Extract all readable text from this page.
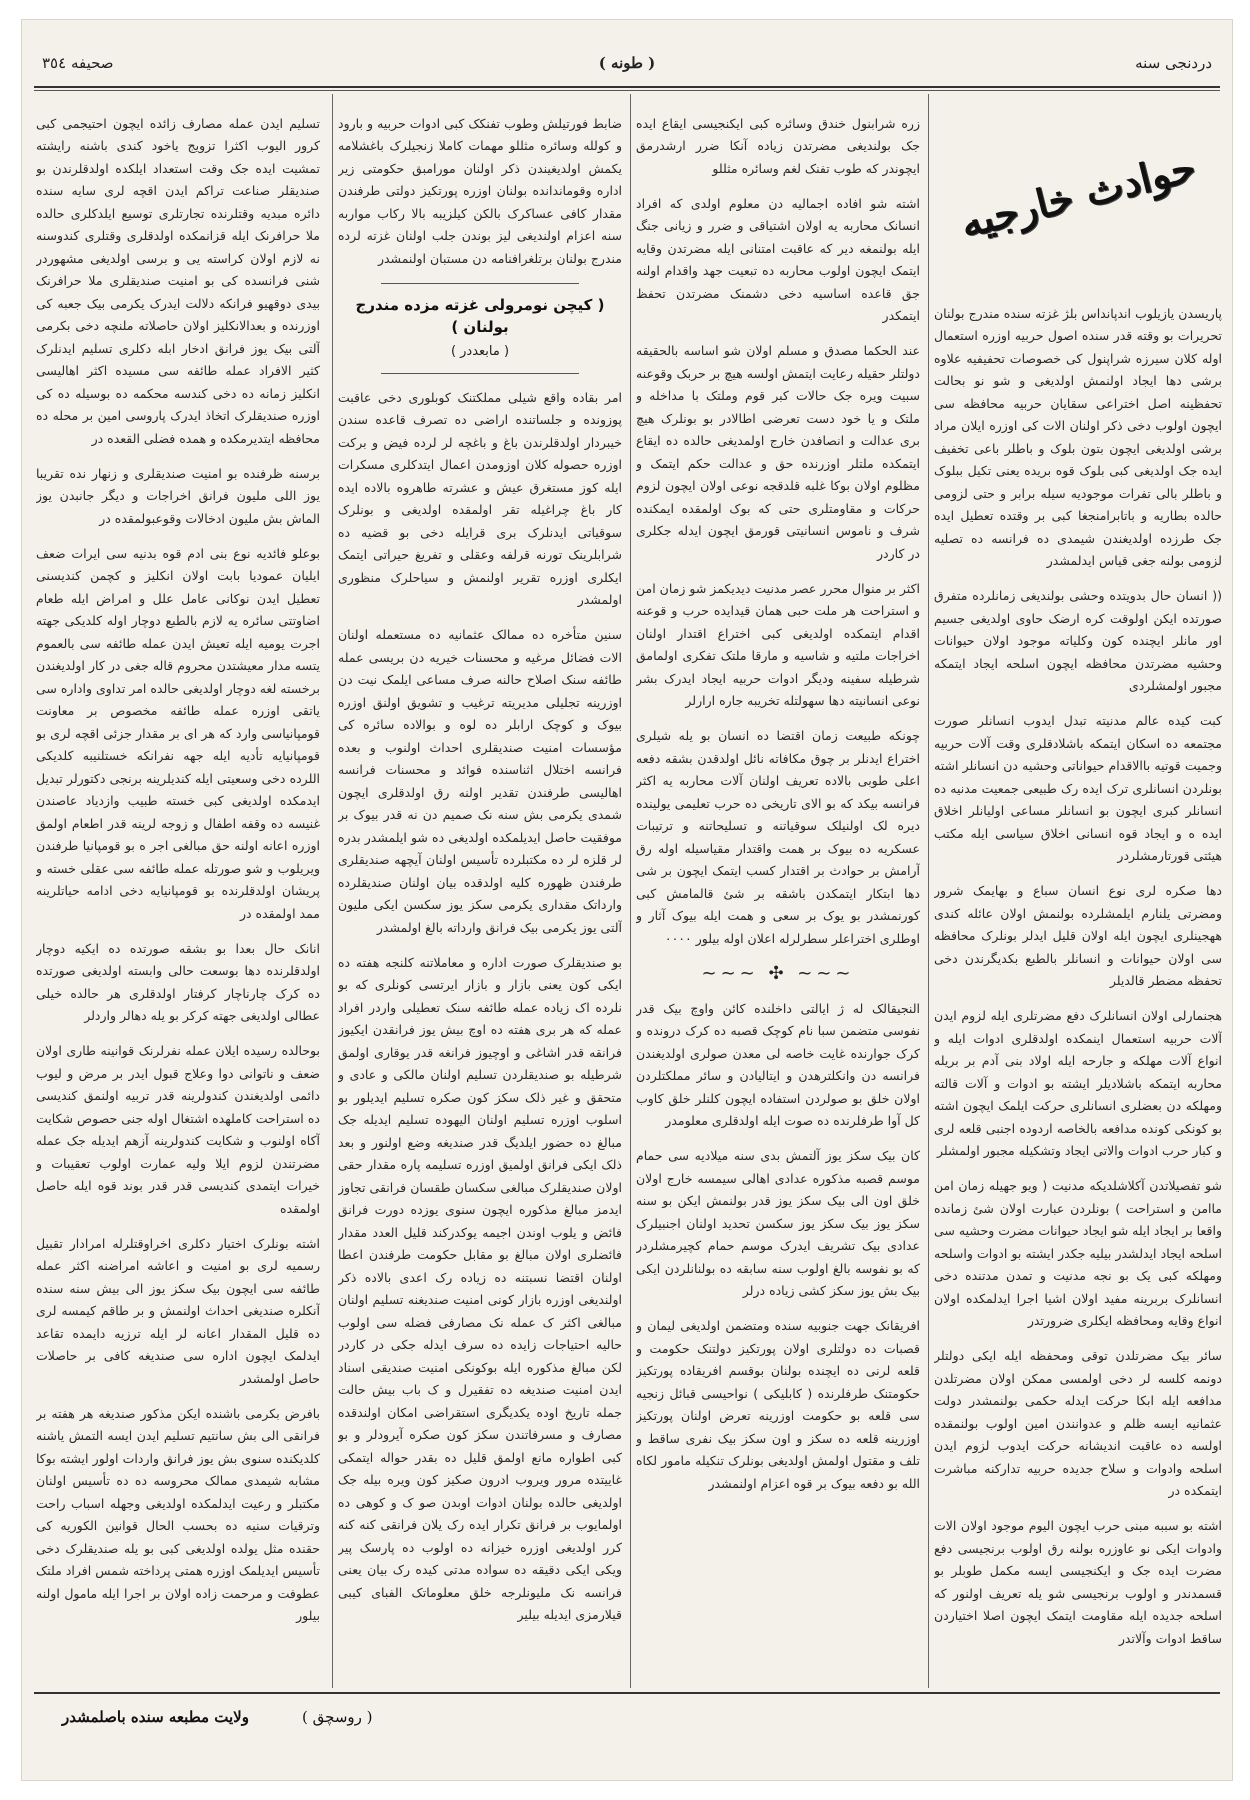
دردنجی سنه
( طونه )
صحیفه ۳٥٤
حوادث خارجیه

پاریسدن یازیلوب اندپانداس بلژ غزته سنده مندرج بولنان تحریرات بو وقته قدر سنده اصول حربیه اوزره استعمال اوله کلان سیرزه شراپنول کی خصوصات تحفیفیه علاوه برشی دها ایجاد اولنمش اولدیغی و شو نو بحالت تحفظینه اصل اختراعی سقایان حربیه محافظه سی ایچون اولوب دخی ذکر اولنان الات کی اوزره ایلان مراد برشی اولدیغی ایچون بتون بلوک و باطلر باعی تخفیف ایده جک اولدیغی کبی بلوک قوه بریده یعنی تکیل ببلوک و باطلر بالی تفرات موجودیه سیله برابر و حتی لزومی حالده بطاریه و باتابرامنجغا کبی بر وقتده تعطیل ایده جک طرزده اولدیغندن شیمدی ده فرانسه ده تصلیه لزومی بولنه جغی قیاس ایدلمشدر

(( انسان حال بدویتده وحشی بولندیغی زمانلرده متفرق صورتده ایکن اولوقت کره ارضک حاوی اولدیغی جسیم اور مانلر ایچنده کون وکلیاته موجود اولان حیوانات وحشیه مضرتدن محافظه ایچون اسلحه ایجاد ایتمکه مجبور اولمشلردی

کبت کیده عالم مدنیته تبدل ایدوب انسانلر صورت مجتمعه ده اسکان ایتمکه باشلادقلری وقت آلات حربیه وجمیت قوتیه باالاقدام حیواناتی وحشیه دن انسانلر اشته بونلردن انسانلری ترک ایده رک طبیعی جمعیت مدنیه ده انسانلر کبری ایچون بو انسانلر مساعی اولیانلر اخلاق ایده ه و ایجاد قوه انسانی اخلاق سیاسی ایله مکتب هیئتی قورتارمشلردر

دها صکره لری نوع انسان سباع و بهایمک شرور ومضرتی یلنارم ایلمشلرده بولنمش اولان عائله کندی ههجینلری ایچون ایله اولان قلیل ایدلر بونلرک محافظه سی اولان حیوانات و انسانلر بالطبع بکدیگرندن دخی تحفظه مضطر قالدیلر

هجنمارلی اولان انسانلرک دفع مضرتلری ایله لزوم ایدن آلات حربیه استعمال اینمکده اولدقلری ادوات ایله و انواع آلات مهلکه و جارحه ایله اولاد بنی آدم بر بریله محاربه ایتمکه باشلادیلر ایشته بو ادوات و آلات قالته ومهلکه دن بعضلری انسانلری حرکت ایلمک ایچون اشته بو کونکی کونده مدافعه بالخاصه اردوده اجنبی قلعه لری و کبار حرب ادوات والاتی ایجاد وتشکیله مجبور اولمشلر

شو تفصیلاتدن آکلاشلدیکه مدنیت ( ویو جهیله زمان امن ماامن و استراحت ) بونلردن عبارت اولان شئ زمانده واقعا بر ایجاد ایله شو ایجاد حیوانات مضرت وحشیه سی اسلحه ایجاد ایدلشدر بیلیه جکدر ایشته بو ادوات واسلحه ومهلکه کبی یک بو نجه مدنیت و تمدن مدتنده دخی انسانلرک بربرینه مفید اولان اشیا اجرا ایدلمکده اولان انواع وقایه ومحافظه ایکلری ضرورتدر

سائر بیک مضرتلدن توقی ومحفظه ایله ایکی دولتلر دونمه کلسه لر دخی اولمسی ممکن اولان مضرتلدن مدافعه ایله ابکا حرکت ایدله حکمی بولنمشدر دولت عثمانیه ایسه ظلم و عدوانندن امین اولوب بولنمقده اولسه ده عاقبت اندیشانه حرکت ایدوب لزوم ایدن اسلحه وادوات و سلاح جدیده حربیه تدارکنه مباشرت ایتمکده در

اشته بو سببه مبنی حرب ایچون الیوم موجود اولان الات وادوات ایکی نو عاوزره بولنه رق اولوب برنجیسی دفع مضرت ایده جک و ایکنجیسی ایسه مکمل طوبلر بو قسمدندر و اولوب برنجیسی شو یله تعریف اولنور که اسلحه جدیده ایله مقاومت ایتمک ایچون اصلا اختیاردن ساقط ادوات وآلاتدر

زره شرابنول خندق وسائره کبی ایکنجیسی ایقاع ایده جک بولندیغی مضرتدن زیاده آنکا ضرر ارشدرمق ایچوندر که طوب تفنک لغم وسائره مثللو

اشته شو افاده اجمالیه دن معلوم اولدی که افراد انسانک محاربه یه اولان اشتیاقی و ضرر و زیانی جنگ ایله بولنمغه دیر که عاقبت امتنانی ایله مضرتدن وقایه ایتمک ایچون اولوب محاربه ده تبعیت جهد واقدام اولنه جق قاعده اساسیه دخی دشمنک مضرتدن تحفظ ایتمکدر

عند الحکما مصدق و مسلم اولان شو اساسه بالحقیقه دولتلر حقیله رعایت ایتمش اولسه هیچ بر حربک وقوعنه سبیت ویره جک حالات کبر قوم وملتک با مداخله و ملتک و یا خود دست تعرضی اطالادر بو بونلرک هیچ بری عدالت و انصافدن خارج اولمدیغی حالده ده ایقاع ایتمکده ملتلر اوزرنده حق و عدالت حکم ایتمک و مظلوم اولان بوکا غلبه قلدقجه نوعی اولان ایچون لزوم حرکات و مقاومتلری حتی که بوک اولمقده ایمکنده شرف و ناموس انسانیتی قورمق ایچون ایدله جکلری در کاردر

اکثر بر منوال محرر عصر مدنیت ديديکمز شو زمان امن و استراحت هر ملت حبی همان قیدایده حرب و قوعنه اقدام ایتمکده اولدیغی کبی اختراع اقتدار اولنان اخراجات ملتیه و شاسیه و مارقا ملتک تفکری اولمامق شرطیله سفینه ودیگر ادوات حربیه ایجاد ایدرک بشر نوعی انسانیته دها سهولتله تخریبه جاره ارارلر

چونکه طبیعت زمان اقتضا ده انسان بو یله شیلری اختراع ایدنلر بر چوق مکافاته نائل اولدقدن بشقه دفعه اعلی طوبی بالاده تعریف اولنان آلات محاربه یه اکثر فرانسه بیکد که بو الای تاریخی ده حرب تعلیمی یولینده دیره لک اولنیلک سوقیاتنه و تسلیحاتنه و ترتیبات عسکریه ده بیوک بر همت واقتدار مقیاسیله اوله رق آرامش بر حوادث بر اقتدار کسب ایتمک ایچون بر شی دها ابتکار ایتمکدن باشقه بر شئ قالمامش کبی کورنمشدر بو یوک بر سعی و همت ایله بیوک آثار و اوطلری اختراعلر سطرلرله اعلان اوله بیلور ۰۰۰۰

~~~ ✣ ~~~

النجیقالک له ژ ایالتی داخلنده کائن واوچ بیک قدر نفوسی متضمن سبا نام کوچک قصبه ده کرک درونده و کرک جوارنده غایت خاصه لی معدن صولری اولدیغندن فرانسه دن وانکلترهدن و ایتالیادن و سائر مملکتلردن اولان خلق بو صولردن استفاده ایچون کلنلر خلق کاوب کل آوا طرفلرنده ده صوت ایله اولدقلری معلومدر

کان بیک سکز یوز آلتمش بدی سنه میلادیه سی حمام موسم قصبه مذکوره عدادی اهالی سیمسه خارج اولان خلق اون الی بیک سکز یوز قدر بولنمش ایکن بو سنه سکز یوز بیک سکز یوز سکسن تحدید اولنان اجنبیلرک عدادی بیک تشریف ایدرک موسم حمام کچیرمشلردر که بو نفوسه بالغ اولوب سنه سابقه ده بولنانلردن ایکی بیک بش یوز سکز کشی زیاده درلر

افریقانک جهت جنوبیه سنده ومتضمن اولدیغی لیمان و قصبات ده دولتلری اولان پورتکیز دولتنک حکومت و قلعه لرنی ده ایچنده بولنان بوقسم افریقاده پورتکیز حکومتنک طرفلرنده ( کابلیکی ) نواحیسی قبائل زنجیه سی قلعه بو حکومت اوزرینه تعرض اولنان پورتکیز اوزرینه قلعه ده سکز و اون سکز بیک نفری ساقط و تلف و مقتول اولمش اولدیغی بونلرک تنکیله مامور لکاه الله بو دفعه بیوک بر قوه اعزام اولنمشدر

ضابط فورتیلش وطوب تفنکک کبی ادوات حربیه و بارود و کولله وسائره مثللو مهمات کاملا زنجیلرک باغشلامه یکمش اولدیغیندن ذکر اولنان مورامبق حکومتی زیر اداره وقوماندانده بولنان اوزره پورتکیز دولتی طرفندن مقدار کافی عساکرک بالکن کیلزیبه بالا رکاب مواربه سنه اعزام اولندیغی لیز بوندن جلب اولنان غزته لرده مندرج بولنان برتلغرافنامه دن مستبان اولنمشدر

( کیچن نومرولی غزته مزده مندرج بولنان )
( مابعددر )

امر بقاده واقع شیلی مملکتنک کوبلوری دخی عاقبت پوزونده و جلساتنده اراضی ده تصرف قاعده سندن خیبردار اولدقلرندن باغ و باغچه لر لرده فیض و برکت اوزره حصوله کلان اوزومدن اعمال ایتدکلری مسکرات ایله کوز مستغرق عیش و عشرته طاهروه بالاده ایده کار باغ چراغیله تقر اولمقده اولدیغی و بونلرک سوقیاتی ایدنلرک بری قرایله دخی بو قضیه ده شرابلرینک تورنه قرلفه وعقلی و تفریغ حیراتی ایتمک ایکلری اوزره تقریر اولنمش و سیاحلرک منظوری اولمشدر

سنین متأخره ده ممالک عثمانیه ده مستعمله اولنان الات فضائل مرغیه و محسنات خیریه دن بریسی عمله طائفه سنک اصلاح حالنه صرف مساعی ایلمک نیت دن اوزرینه تجلیلی مدیریته ترغیب و تشویق اولنق اوزره بیوک و کوچک ارابلر ده لوه و بوالاده سائره کی مؤسسات امنیت صندیقلری احداث اولنوب و بعده فرانسه اختلال اثناسنده فوائد و محسنات فرانسه اهالیسی طرفندن تقدیر اولنه رق اولدقلری ایچون شمدی یکرمی بش سنه نک صمیم دن نه قدر بیوک بر موفقیت حاصل ایدیلمکده اولدیغی ده شو ایلمشدر بدره لر قلزه لر ده مکتبلرده تأسیس اولنان آیچهه صندیقلری طرفندن ظهوره کلیه اولدقده بیان اولنان صندیقلرده وارداتک مقداری یکرمی سکز یوز سکسن ایکی ملیون آلتی یوز یکرمی بیک فرانق وارداته بالغ اولمشدر

بو صندیقلرک صورت اداره و معاملاتنه کلنجه هفته ده ایکی کون یعنی بازار و بازار ایرتسی کونلری که بو نلرده اک زیاده عمله طائفه سنک تعطیلی واردر افراد عمله که هر بری هفته ده اوچ بیش یوز فرانقدن ایکیوز فرانقه قدر اشاغی و اوچیوز فرانغه قدر یوقاری اولمق شرطیله بو صندیقلردن تسلیم اولنان مالکی و عادی و متحقق و غیر ذلک سکز کون صکره تسلیم ایدیلور بو اسلوب اوزره تسلیم اولنان الیهوده تسلیم ایدیله جک مبالغ ده حضور ایلدیگ قدر صندیغه وضع اولنور و بعد ذلک ایکی فرانق اولمیق اوزره تسلیمه پاره مقدار حقی اولان صندیقلرک مبالغی سکسان طقسان فرانقی تجاوز ایدمز مبالغ مذکوره ایچون سنوی یوزده دورت فرانق فائض و یلوب اوندن اجیمه یوکدرکند قلیل العدد مقدار فائضلری اولان مبالغ بو مقابل حکومت طرفندن اعطا اولنان اقتضا نسبتنه ده زیاده رک اعدی بالاده ذکر اولندیغی اوزره بازار کونی امنیت صندیغنه تسلیم اولنان مبالغی اکثر ک عمله نک مصارفی فضله سی اولوب حالیه احتیاجات زایده ده سرف ایدله جکی در کاردر لکن مبالغ مذکوره ایله بوکونکی امنیت صندیقی اسناد ایدن امنیت صندیغه ده تفقیرل و ک باب بیش حالت جمله تاریخ اوده یکدیگری استقراضی امکان اولندقده مصارف و مسرفاتندن سکز کون صکره آیرودلر و بو کبی اطواره مانع اولمق قلیل ده بقدر حواله ایتمکی غاییتده مرور ویروب ادرون صکیز کون ویره بیله جک اولدیغی حالده بولنان ادوات اوبدن صو ک و کوهی ده اولمایوب بر فرانق تکرار ایده رک یلان فرانقی کنه کنه کرر اولدیغی اوزره خیزانه ده اولوب ده پارسک پیر ویکی ایکی دقیقه ده سواده مدتی کیده رک بیان یعنی فرانسه نک ملیونلرجه خلق معلوماتک الفبای کیبی قیلارمزی ایدیله بیلیر

تسلیم ایدن عمله مصارف زائده ایچون احتیجمی کبی کرور الیوب اکثرا تزویج یاخود کندی باشنه رایشته تمشیت ایده جک وقت استعداد ایلکده اولدقلرندن بو صندیقلر صناعت تراکم ایدن اقچه لری سایه سنده دائره مبدیه وقتلرنده تجارتلری توسیع ایلدکلری حالده ملا حرافرنک ایله قزانمکده اولدقلری وقتلری کندوسنه نه لازم اولان کراسته یی و برسی اولدیغی مشهوردر شنی فرانسده کی بو امنیت صندیقلری ملا حرافرنک بیدی دوقهیو فرانکه دلالت ایدرک یکرمی بیک جعبه کی اوزرنده و بعدالانکلیز اولان حاصلاته ملنچه دخی بکرمی آلتی بیک یوز فرانق ادخار ابله دکلری تسلیم ایدنلرک کثیر الافراد عمله طائفه سی مسیده اکثر اهالیسی انکلیز زمانه ده دخی کندسه محکمه ده بوسیله ده کی اوزره صندیقلرک اتخاذ ایدرک پاروسی امین بر محله ده محافظه ایتدیرمکده و همده فضلی القعده در

برسنه ظرفنده بو امنیت صندیقلری و زنهار نده تقریبا یوز اللی ملیون فرانق اخراجات و دیگر جانبدن یوز الماش بش ملیون ادخالات وقوعبولمقده در

بوعلو فائدیه نوع بنی ادم قوه بدنیه سی ایرات ضعف ایلیان عمودیا بابت اولان انکلیز و کچمن کندیسنی تعطیل ایدن نوکانی عامل علل و امراض ایله طعام اضاوتتی سائره یه لازم بالطبع دوچار اوله کلدیکی جهته اجرت یومیه ایله تعیش ایدن عمله طائفه سی بالعموم یتسه مدار معیشتدن محروم قاله جغی در کار اولدیغندن برخسته لغه دوچار اولدیغی حالده امر تداوی واداره سی یاتقی اوزره عمله طائفه مخصوص بر معاونت قومپانیاسی وارد که هر ای بر مقدار جزئی اقچه لری بو قومپانیایه تأدیه ایله جهه نفرانکه خستلنیبه کلدیکی اللرده دخی وسعیتی ایله کندیلرینه برنجی دکتورلر تبدیل ایدمکده اولدیغی کبی خسته طبیب وازدیاد عاصندن غنیسه ده وقفه اطفال و زوجه لرینه قدر اطعام اولمق اوزره اعانه اولنه حق مبالغی اجر ه بو قومپانیا طرفندن ویریلوب و شو صورتله عمله طائفه سی عقلی خسته و پریشان اولدقلرنده بو قومپانیایه دخی ادامه حیاتلرینه ممد اولمقده در

انانک حال بعدا بو بشقه صورتده ده ایکیه دوچار اولدقلرنده دها بوسعت حالی وابسته اولدیغی صورتده ده کرک چارناچار کرفتار اولدقلری هر حالده خیلی عطالی اولدیغی جهته کرکر بو یله دهالر واردلر

بوحالده رسیده ایلان عمله نفرلرنک قوانینه طاری اولان ضعف و ناتوانی دوا وعلاج قبول ایدر بر مرض و لیوب دائمی اولدیغندن کندولرینه قدر تربیه اولنمق کندیسی ده استراحت کاملهده اشتغال اوله جنی حصوص شکایت آکاه اولنوب و شکایت کندولرینه آزهم ایدیله جک عمله مضرتندن لزوم ایلا ولیه عمارت اولوب تعقیبات و خیرات ایتمدی کندیسی قدر قدر بوند قوه ایله حاصل اولمقده

اشته بونلرک اختیار دکلری اخراوقتلرله امرادار تقبیل رسمیه لری بو امنیت و اعاشه امراضنه اکثر عمله طائفه سی ایچون بیک سکز یوز الی بیش سنه سنده آنکلره صندیغی احداث اولنمش و بر طاقم کیمسه لری ده قلیل المقدار اعانه لر ایله ترزیه دایمده تقاعد ایدلمک ایچون اداره سی صندیغه کافی بر حاصلات حاصل اولمشدر

بافرض بکرمی باشنده ایکن مذکور صندیغه هر هفته بر فرانقی الی بش سانتیم تسلیم ایدن ایسه التمش یاشنه کلدیکنده سنوی بش یوز فرانق واردات اولور ایشته بوکا مشابه شیمدی ممالک محروسه ده ده تأسیس اولنان مکتبلر و رعیت ایدلمکده اولدیغی وجهله اسباب راحت وترقیات سنیه ده بحسب الحال قوانین الکوریه کی حقنده مثل یولده اولدیغی کبی بو یله صندیقلرک دخی تأسیس ایدیلمک اوزره همتی پرداخته شمس افراد ملتک عطوفت و مرحمت زاده اولان بر اجرا ایله مامول اولنه بیلور

( روسچق )
ولايت مطبعه سنده باصلمشدر
